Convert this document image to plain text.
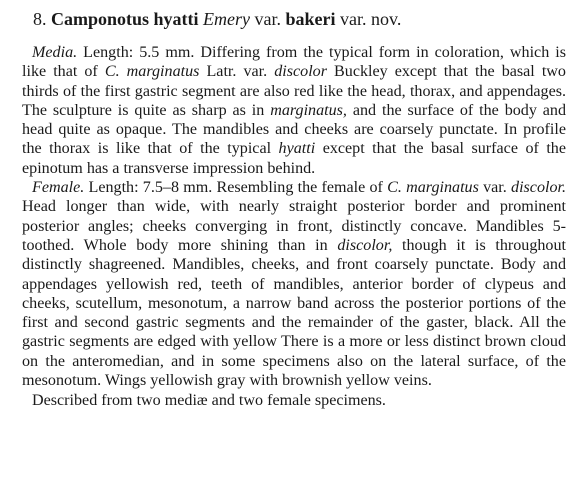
8. Camponotus hyatti Emery var. bakeri var. nov.

Media. Length: 5.5 mm. Differing from the typical form in coloration, which is like that of C. marginatus Latr. var. discolor Buckley except that the basal two thirds of the first gastric segment are also red like the head, thorax, and appendages. The sculpture is quite as sharp as in marginatus, and the surface of the body and head quite as opaque. The mandibles and cheeks are coarsely punctate. In profile the thorax is like that of the typical hyatti except that the basal surface of the epinotum has a transverse impression behind.

Female. Length: 7.5–8 mm. Resembling the female of C. marginatus var. discolor. Head longer than wide, with nearly straight posterior border and prominent posterior angles; cheeks converging in front, distinctly concave. Mandibles 5-toothed. Whole body more shining than in discolor, though it is throughout distinctly shagreened. Mandibles, cheeks, and front coarsely punctate. Body and appendages yellowish red, teeth of mandibles, anterior border of clypeus and cheeks, scutellum, mesonotum, a narrow band across the posterior portions of the first and second gastric segments and the remainder of the gaster, black. All the gastric segments are edged with yellow There is a more or less distinct brown cloud on the anteromedian, and in some specimens also on the lateral surface, of the mesonotum. Wings yellowish gray with brownish yellow veins.

Described from two mediæ and two female specimens.
